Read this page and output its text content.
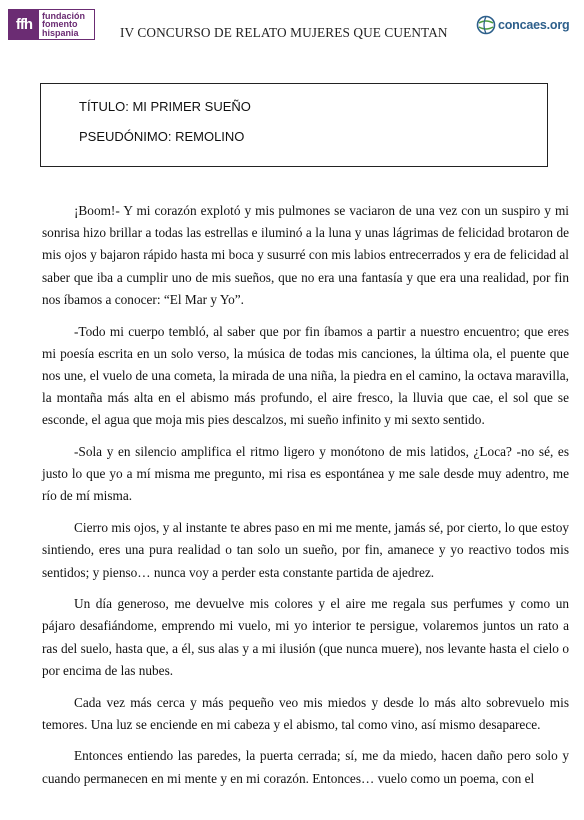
ffh
fundación
fomento
hispania	IV CONCURSO DE RELATO MUJERES QUE CUENTAN	concaes.org
TÍTULO: MI PRIMER SUEÑO
PSEUDÓNIMO: REMOLINO

¡Boom!- Y mi corazón explotó y mis pulmones se vaciaron de una vez con un suspiro y mi sonrisa hizo brillar a todas las estrellas e iluminó a la luna y unas lágrimas de felicidad brotaron de mis ojos y bajaron rápido hasta mi boca y susurré con mis labios entrecerrados y era de felicidad al saber que iba a cumplir uno de mis sueños, que no era una fantasía y que era una realidad, por fin nos íbamos a conocer: “El Mar y Yo”.

-Todo mi cuerpo tembló, al saber que por fin íbamos a partir a nuestro encuentro; que eres mi poesía escrita en un solo verso, la música de todas mis canciones, la última ola, el puente que nos une, el vuelo de una cometa, la mirada de una niña, la piedra en el camino, la octava maravilla, la montaña más alta en el abismo más profundo, el aire fresco, la lluvia que cae, el sol que se esconde, el agua que moja mis pies descalzos, mi sueño infinito y mi sexto sentido.

-Sola y en silencio amplifica el ritmo ligero y monótono de mis latidos, ¿Loca? -no sé, es justo lo que yo a mí misma me pregunto, mi risa es espontánea y me sale desde muy adentro, me río de mí misma.

Cierro mis ojos, y al instante te abres paso en mi me mente, jamás sé, por cierto, lo que estoy sintiendo, eres una pura realidad o tan solo un sueño, por fin, amanece y yo reactivo todos mis sentidos; y pienso… nunca voy a perder esta constante partida de ajedrez.

Un día generoso, me devuelve mis colores y el aire me regala sus perfumes y como un pájaro desafiándome, emprendo mi vuelo, mi yo interior te persigue, volaremos juntos un rato a ras del suelo, hasta que, a él, sus alas y a mi ilusión (que nunca muere), nos levante hasta el cielo o por encima de las nubes.

Cada vez más cerca y más pequeño veo mis miedos y desde lo más alto sobrevuelo mis temores. Una luz se enciende en mi cabeza y el abismo, tal como vino, así mismo desaparece.

Entonces entiendo las paredes, la puerta cerrada; sí, me da miedo, hacen daño pero solo y cuando permanecen en mi mente y en mi corazón. Entonces… vuelo como un poema, con el
